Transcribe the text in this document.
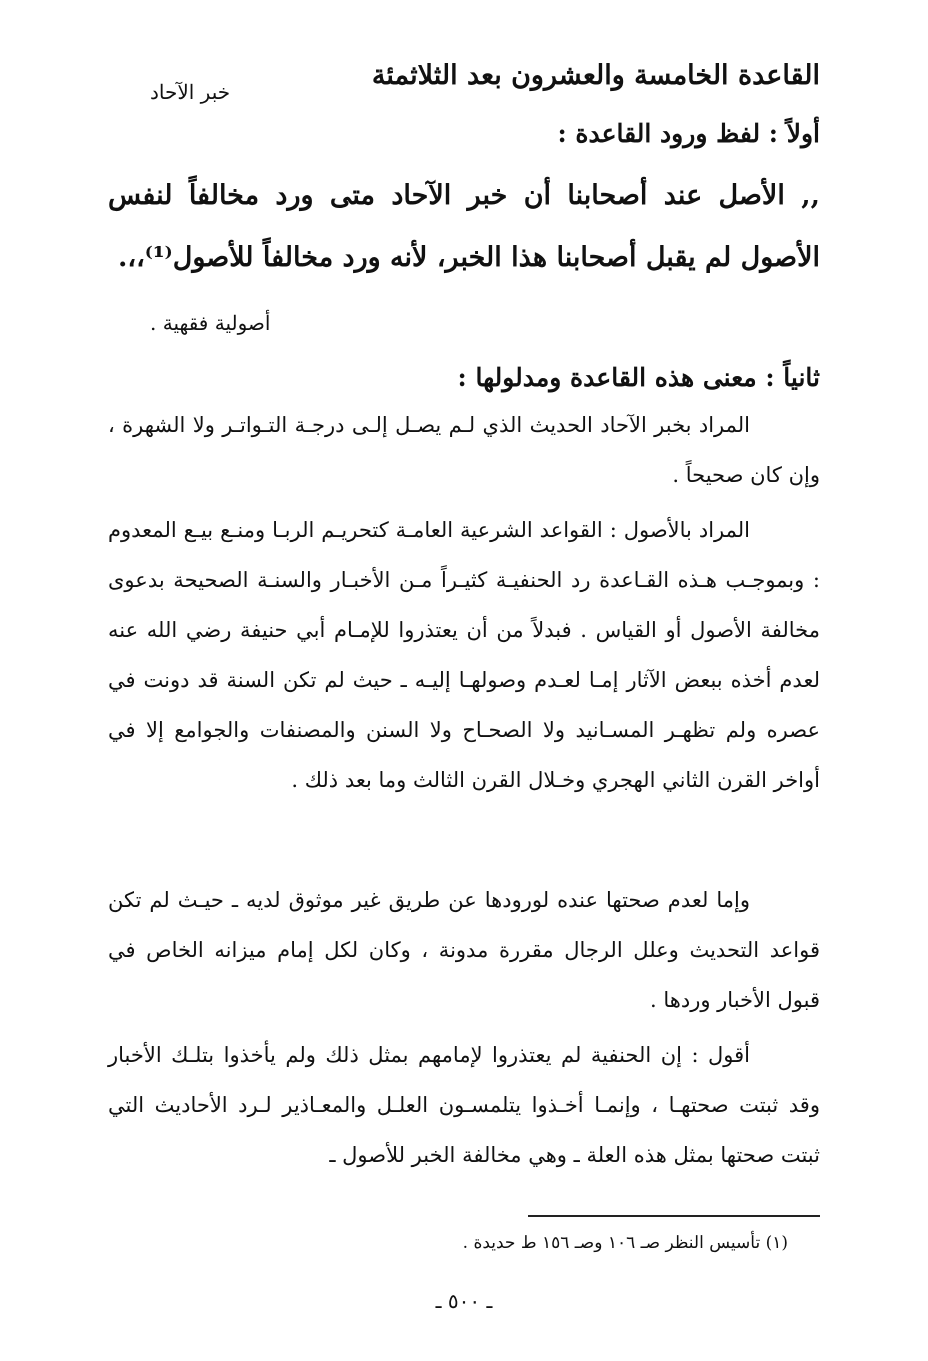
القاعدة الخامسة والعشرون بعد الثلاثمئة
خبر الآحاد
أولاً : لفظ ورود القاعدة :
,, الأصل عند أصحابنا أن خبر الآحاد متى ورد مخالفاً لنفس الأصول لم يقبل أصحابنا هذا الخبر، لأنه ورد مخالفاً للأصول⁽¹⁾،،.
أصولية فقهية .
ثانياً : معنى هذه القاعدة ومدلولها :
المراد بخبر الآحاد الحديث الذي لـم يصـل إلـى درجـة التـواتـر ولا الشهرة ، وإن كان صحيحاً .
المراد بالأصول : القواعد الشرعية العامـة كتحريـم الربـا ومنـع بيـع المعدوم : وبموجـب هـذه القـاعدة رد الحنفيـة كثيـراً مـن الأخبـار والسنـة الصحيحة بدعوى مخالفة الأصول أو القياس . فبدلاً من أن يعتذروا للإمـام أبي حنيفة رضي الله عنه لعدم أخذه ببعض الآثار إمـا لعـدم وصولهـا إليـه ـ حيث لم تكن السنة قد دونت في عصره ولم تظهـر المسـانيد ولا الصحـاح ولا السنن والمصنفات والجوامع إلا في أواخر القرن الثاني الهجري وخـلال القرن الثالث وما بعد ذلك .
وإما لعدم صحتها عنده لورودها عن طريق غير موثوق لديه ـ حيـث لم تكن قواعد التحديث وعلل الرجال مقررة مدونة ، وكان لكل إمام ميزانه الخاص في قبول الأخبار وردها .
أقول : إن الحنفية لم يعتذروا لإمامهم بمثل ذلك ولم يأخذوا بتلـك الأخبار وقد ثبتت صحتهـا ، وإنمـا أخـذوا يتلمسـون العلـل والمعـاذير لـرد الأحاديث التي ثبتت صحتها بمثل هذه العلة ـ وهي مخالفة الخبر للأصول ـ
(١) تأسيس النظر صـ ١٠٦ وصـ ١٥٦ ط حديدة .
ـ ٥٠٠ ـ
